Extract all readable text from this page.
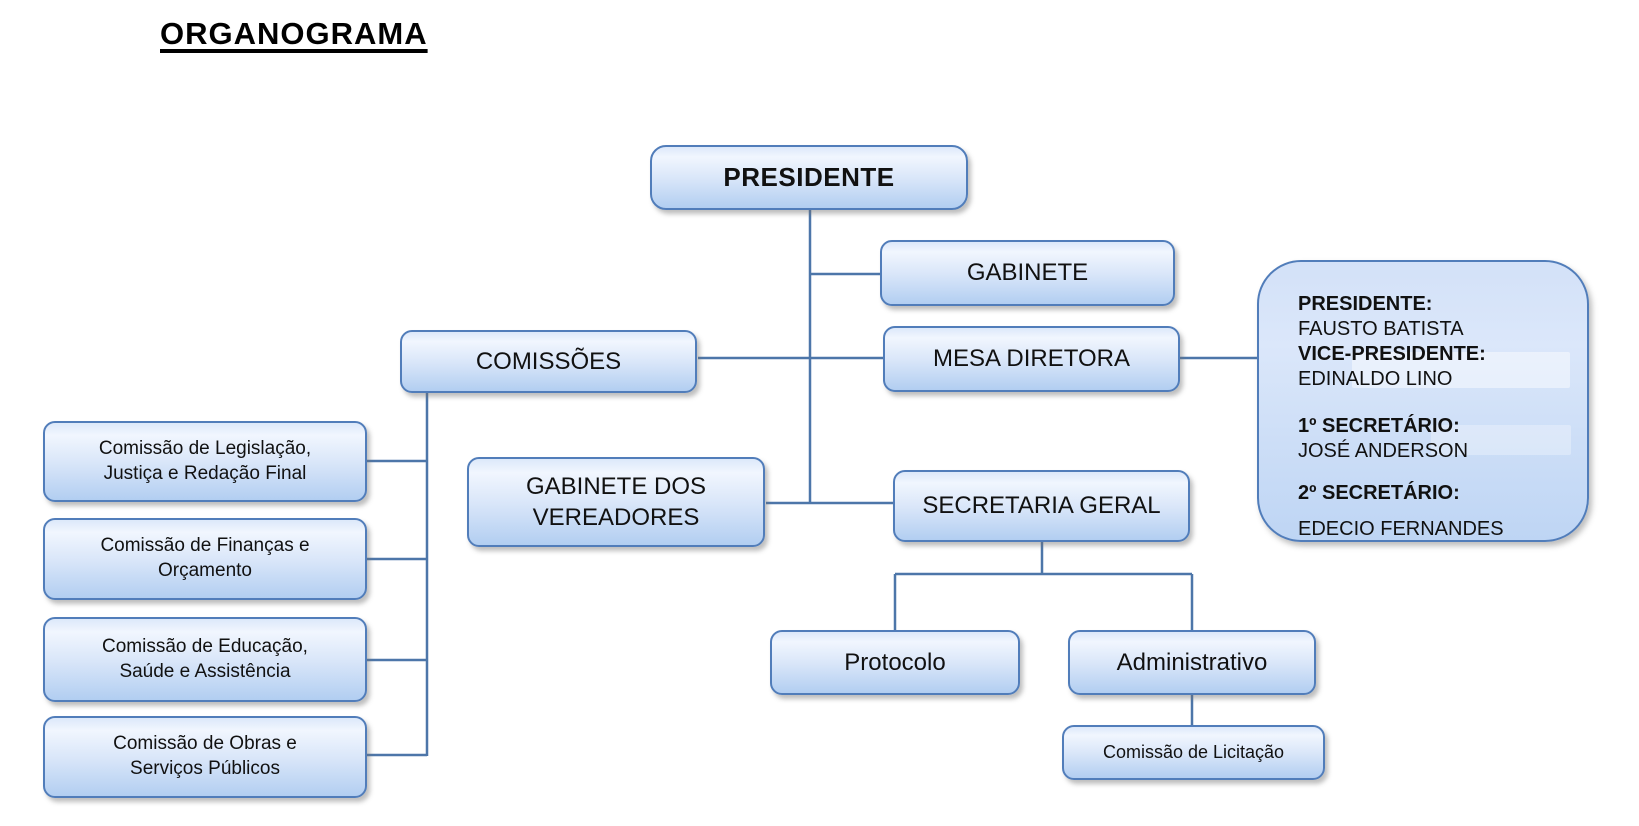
ORGANOGRAMA
PRESIDENTE
GABINETE
MESA DIRETORA
COMISSÕES
GABINETE DOS VEREADORES	SECRETARIA GERAL
Comissão de Legislação, Justiça e Redação Final
Comissão de Finanças e Orçamento
Comissão de Educação, Saúde e Assistência
Comissão de Obras e Serviços Públicos
Protocolo	Administrativo
Comissão de Licitação
PRESIDENTE:
FAUSTO BATISTA
VICE-PRESIDENTE:
EDINALDO LINO
1º SECRETÁRIO:
JOSÉ ANDERSON
2º SECRETÁRIO:
EDECIO FERNANDES
